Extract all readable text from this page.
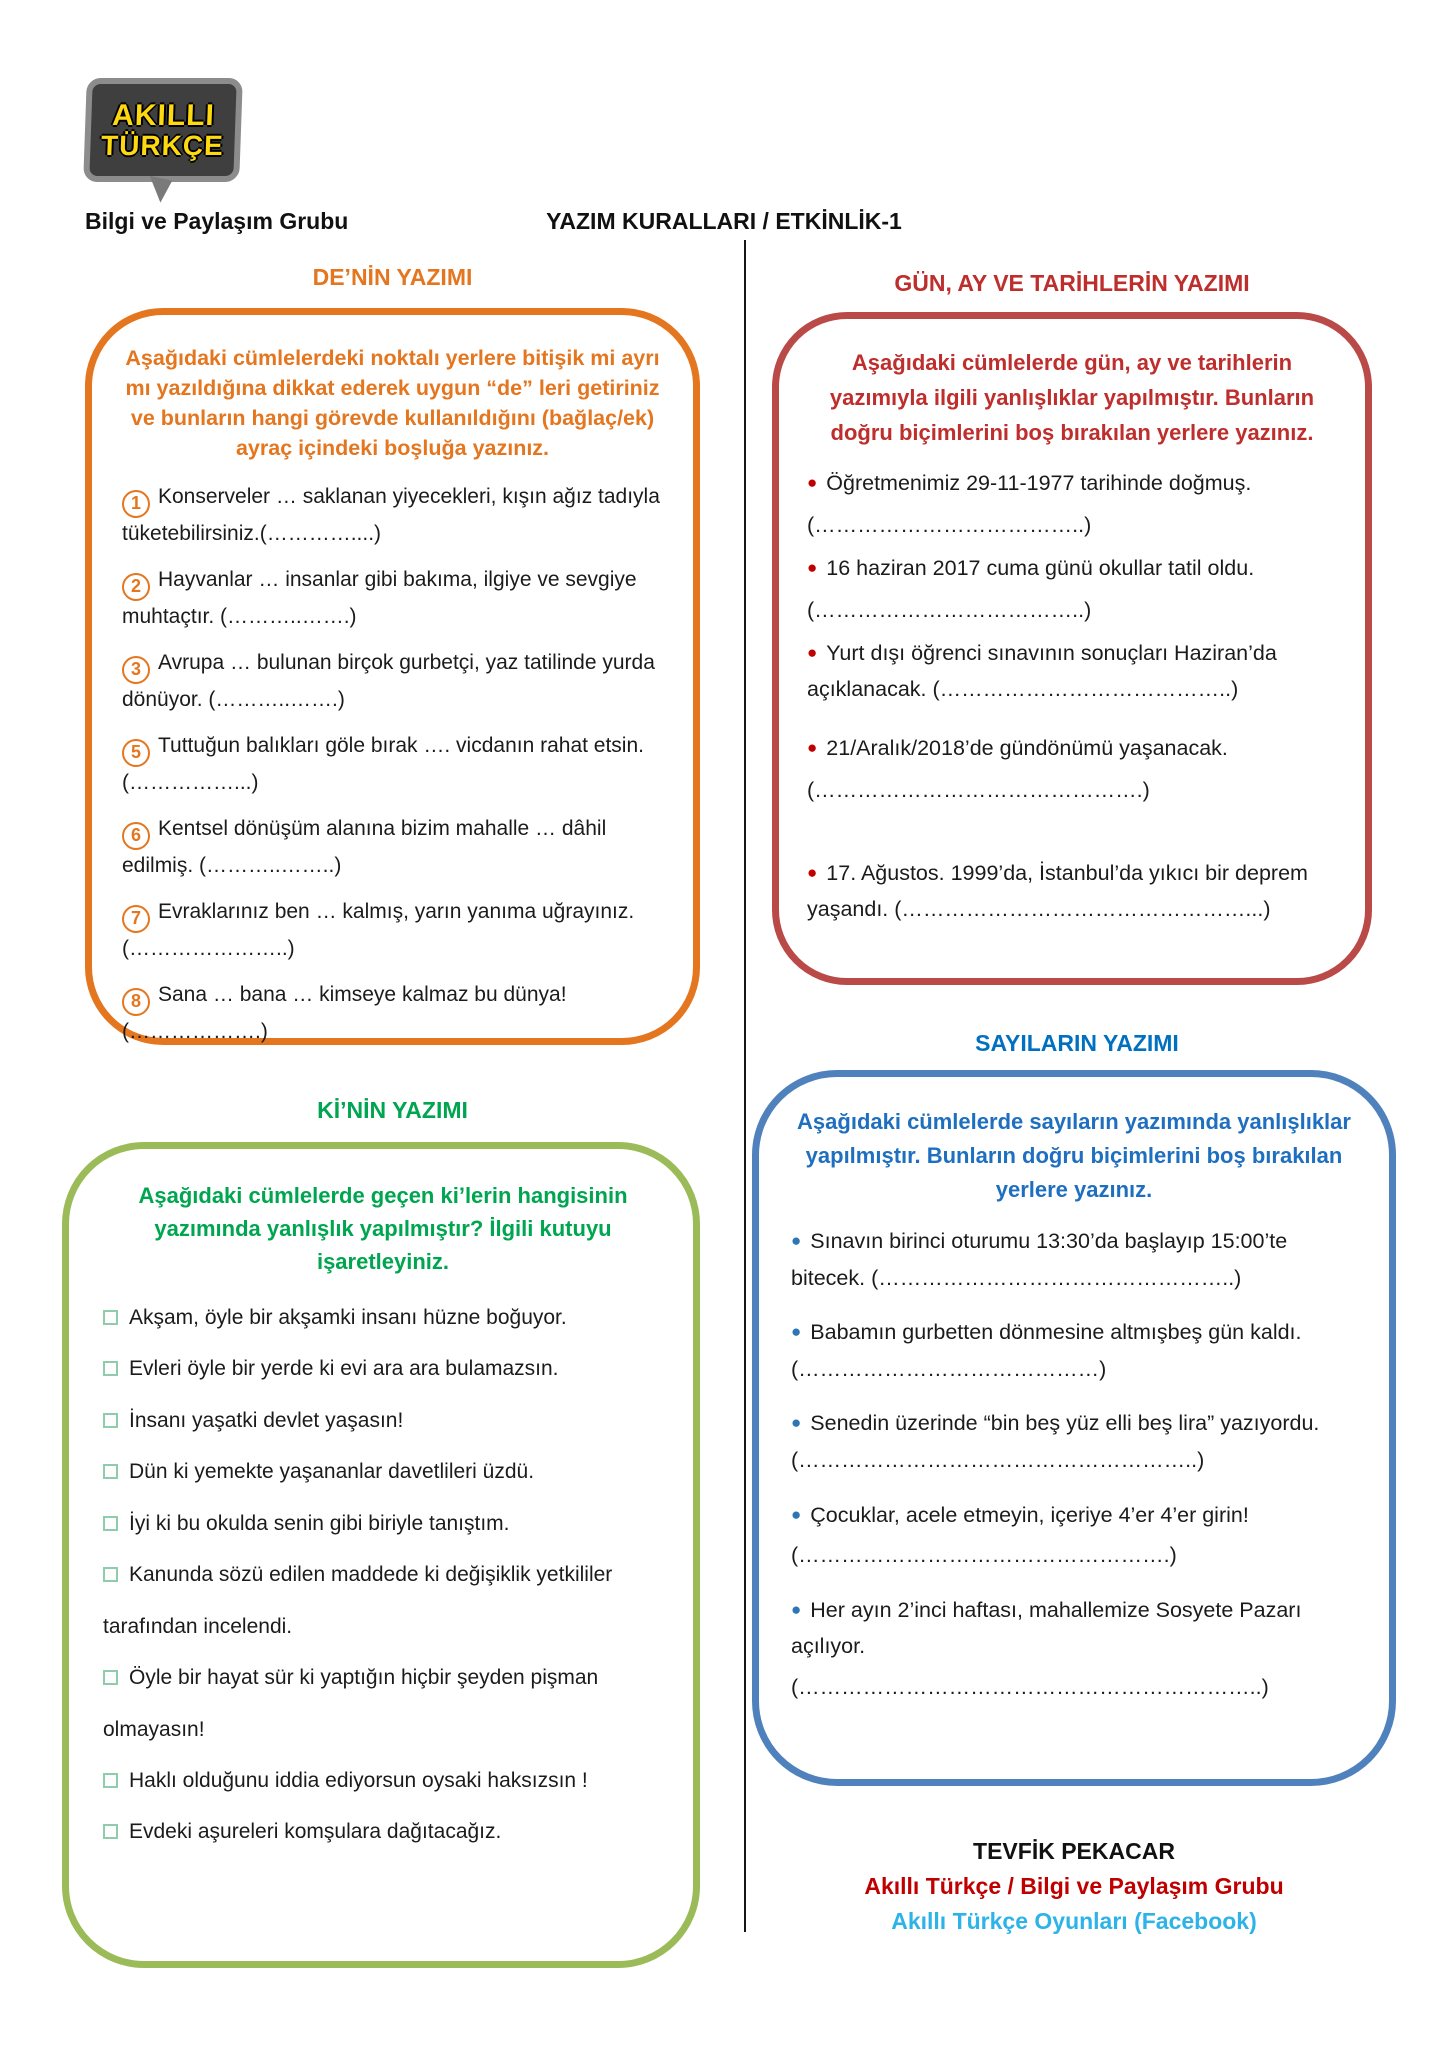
AKILLI
TÜRKÇE
Bilgi ve Paylaşım Grubu	YAZIM KURALLARI / ETKİNLİK-1
DE’NİN YAZIMI

Aşağıdaki cümlelerdeki noktalı yerlere bitişik mi ayrı mı yazıldığına dikkat ederek uygun “de” leri getiriniz ve bunların hangi görevde kullanıldığını (bağlaç/ek) ayraç içindeki boşluğa yazınız.

1 Konserveler … saklanan yiyecekleri, kışın ağız tadıyla tüketebilirsiniz.(…………....)

2 Hayvanlar … insanlar gibi bakıma, ilgiye ve sevgiye muhtaçtır. (………..…….)

3 Avrupa … bulunan birçok gurbetçi, yaz tatilinde yurda dönüyor. (………..…….)

5 Tuttuğun balıkları göle bırak …. vicdanın rahat etsin. (……………...)

6 Kentsel dönüşüm alanına bizim mahalle … dâhil edilmiş. (………..……..)

7 Evraklarınız ben … kalmış, yarın yanıma uğrayınız. (…………………..)

8 Sana … bana … kimseye kalmaz bu dünya! (……………….)

GÜN, AY VE TARİHLERİN YAZIMI

Aşağıdaki cümlelerde gün, ay ve tarihlerin yazımıyla ilgili yanlışlıklar yapılmıştır. Bunların doğru biçimlerini boş bırakılan yerlere yazınız.

●Öğretmenimiz 29-11-1977 tarihinde doğmuş.

(………………………………..)

●16 haziran 2017 cuma günü okullar tatil oldu.

(………………………………..)

●Yurt dışı öğrenci sınavının sonuçları Haziran’da açıklanacak. (…………………………………..)

●21/Aralık/2018’de gündönümü yaşanacak.

(……………………………………….)

●17. Ağustos. 1999’da, İstanbul’da yıkıcı bir deprem yaşandı. (…………………………………………...)

Kİ’NİN YAZIMI

Aşağıdaki cümlelerde geçen ki’lerin hangisinin yazımında yanlışlık yapılmıştır? İlgili kutuyu işaretleyiniz.

Akşam, öyle bir akşamki insanı hüzne boğuyor.

Evleri öyle bir yerde ki evi ara ara bulamazsın.

İnsanı yaşatki devlet yaşasın!

Dün ki yemekte yaşananlar davetlileri üzdü.

İyi ki bu okulda senin gibi biriyle tanıştım.

Kanunda sözü edilen maddede ki değişiklik yetkililer tarafından incelendi.

Öyle bir hayat sür ki yaptığın hiçbir şeyden pişman olmayasın!

Haklı olduğunu iddia ediyorsun oysaki haksızsın !

Evdeki aşureleri komşulara dağıtacağız.

SAYILARIN YAZIMI

Aşağıdaki cümlelerde sayıların yazımında yanlışlıklar yapılmıştır. Bunların doğru biçimlerini boş bırakılan yerlere yazınız.

●Sınavın birinci oturumu 13:30’da başlayıp 15:00’te bitecek. (…………………………………………..)

●Babamın gurbetten dönmesine altmışbeş gün kaldı. (……………………………………)

●Senedin üzerinde “bin beş yüz elli beş lira” yazıyordu.(………………………………………………..)

●Çocuklar, acele etmeyin, içeriye 4’er 4’er girin!

(…………………………………………….)

●Her ayın 2’inci haftası, mahallemize Sosyete Pazarı açılıyor.

(………………………………………………………..)

TEVFİK PEKACAR

Akıllı Türkçe / Bilgi ve Paylaşım Grubu

Akıllı Türkçe Oyunları (Facebook)
